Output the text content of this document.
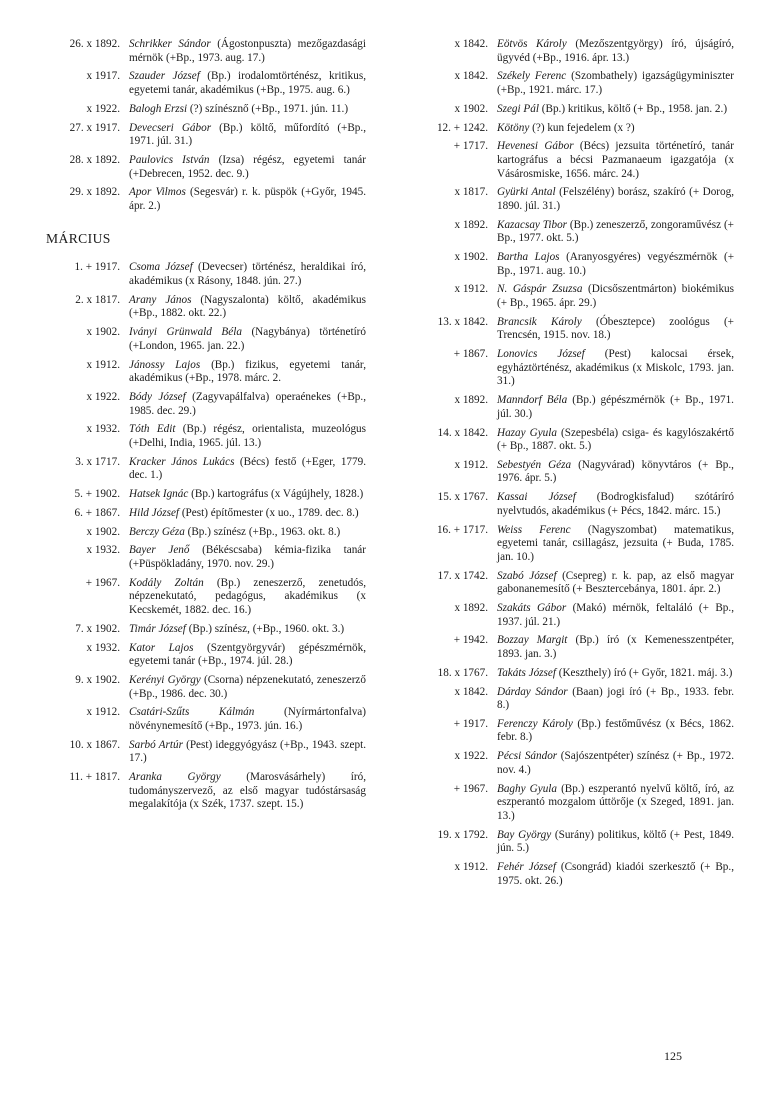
26. x 1892. Schrikker Sándor (Ágostonpuszta) mezőgazdasági mérnök (+Bp., 1973. aug. 17.)
x 1917. Szauder József (Bp.) irodalomtörténész, kritikus, egyetemi tanár, akadémikus (+Bp., 1975. aug. 6.)
x 1922. Balogh Erzsi (?) színésznő (+Bp., 1971. jún. 11.)
27. x 1917. Devecseri Gábor (Bp.) költő, műfordító (+Bp., 1971. júl. 31.)
28. x 1892. Paulovics István (Izsa) régész, egyetemi tanár (+Debrecen, 1952. dec. 9.)
29. x 1892. Apor Vilmos (Segesvár) r. k. püspök (+Győr, 1945. ápr. 2.)
MÁRCIUS
1. + 1917. Csoma József (Devecser) történész, heraldikai író, akadémikus (x Rásony, 1848. jún. 27.)
2. x 1817. Arany János (Nagyszalonta) költő, akadémikus (+Bp., 1882. okt. 22.)
x 1902. Iványi Grünwald Béla (Nagybánya) történetíró (+London, 1965. jan. 22.)
x 1912. Jánossy Lajos (Bp.) fizikus, egyetemi tanár, akadémikus (+Bp., 1978. márc. 2.
x 1922. Bódy József (Zagyvapálfalva) operaénekes (+Bp., 1985. dec. 29.)
x 1932. Tóth Edit (Bp.) régész, orientalista, muzeológus (+Delhi, India, 1965. júl. 13.)
3. x 1717. Kracker János Lukács (Bécs) festő (+Eger, 1779. dec. 1.)
5. + 1902. Hatsek Ignác (Bp.) kartográfus (x Vágújhely, 1828.)
6. + 1867. Hild József (Pest) építőmester (x uo., 1789. dec. 8.)
x 1902. Berczy Géza (Bp.) színész (+Bp., 1963. okt. 8.)
x 1932. Bayer Jenő (Békéscsaba) kémia-fizika tanár (+Püspökladány, 1970. nov. 29.)
+ 1967. Kodály Zoltán (Bp.) zeneszerző, zenetudós, népzenekutató, pedagógus, akadémikus (x Kecskemét, 1882. dec. 16.)
7. x 1902. Timár József (Bp.) színész, (+Bp., 1960. okt. 3.)
x 1932. Kator Lajos (Szentgyörgyvár) gépészmérnök, egyetemi tanár (+Bp., 1974. júl. 28.)
9. x 1902. Kerényi György (Csorna) népzenekutató, zeneszerző (+Bp., 1986. dec. 30.)
x 1912. Csatári-Szűts Kálmán (Nyírmártonfalva) növénynemesítő (+Bp., 1973. jún. 16.)
10. x 1867. Sarbó Artúr (Pest) ideggyógyász (+Bp., 1943. szept. 17.)
11. + 1817. Aranka György (Marosvásárhely) író, tudományszervező, az első magyar tudóstársaság megalakítója (x Szék, 1737. szept. 15.)
x 1842. Eötvös Károly (Mezőszentgyörgy) író, újságíró, ügyvéd (+Bp., 1916. ápr. 13.)
x 1842. Székely Ferenc (Szombathely) igazságügyminiszter (+Bp., 1921. márc. 17.)
x 1902. Szegi Pál (Bp.) kritikus, költő (+ Bp., 1958. jan. 2.)
12. + 1242. Kötöny (?) kun fejedelem (x ?)
+ 1717. Hevenesi Gábor (Bécs) jezsuita történetíró, tanár kartográfus a bécsi Pazmanaeum igazgatója (x Vásárosmiske, 1656. márc. 24.)
x 1817. Gyürki Antal (Felszélény) borász, szakíró (+ Dorog, 1890. júl. 31.)
x 1892. Kazacsay Tibor (Bp.) zeneszerző, zongoraművész (+ Bp., 1977. okt. 5.)
x 1902. Bartha Lajos (Aranyosgyéres) vegyészmérnök (+ Bp., 1971. aug. 10.)
x 1912. N. Gáspár Zsuzsa (Dicsőszentmárton) biokémikus (+ Bp., 1965. ápr. 29.)
13. x 1842. Brancsik Károly (Óbesztерce) zoológus (+ Trencsén, 1915. nov. 18.)
+ 1867. Lonovics József (Pest) kalocsai érsek, egyháztörténész, akadémikus (x Miskolc, 1793. jan. 31.)
x 1892. Manndorf Béla (Bp.) gépészmérnök (+ Bp., 1971. júl. 30.)
14. x 1842. Hazay Gyula (Szepesbéla) csiga- és kagylószakértő (+ Bp., 1887. okt. 5.)
x 1912. Sebestyén Géza (Nagyvárad) könyvtáros (+ Bp., 1976. ápr. 5.)
15. x 1767. Kassai József (Bodrogkisfalud) szótáríró nyelvtudós, akadémikus (+ Pécs, 1842. márc. 15.)
16. + 1717. Weiss Ferenc (Nagyszombat) matematikus, egyetemi tanár, csillagász, jezsuita (+ Buda, 1785. jan. 10.)
17. x 1742. Szabó József (Csepreg) r. k. pap, az első magyar gabonanemesítő (+ Besztercebánya, 1801. ápr. 2.)
x 1892. Szakáts Gábor (Makó) mérnök, feltaláló (+ Bp., 1937. júl. 21.)
+ 1942. Bozzay Margit (Bp.) író (x Kemenesszentpéter, 1893. jan. 3.)
18. x 1767. Takáts József (Keszthely) író (+ Győr, 1821. máj. 3.)
x 1842. Dárday Sándor (Baan) jogi író (+ Bp., 1933. febr. 8.)
+ 1917. Ferenczy Károly (Bp.) festőművész (x Bécs, 1862. febr. 8.)
x 1922. Pécsi Sándor (Sajószentpéter) színész (+ Bp., 1972. nov. 4.)
+ 1967. Baghy Gyula (Bp.) eszperantó nyelvű költő, író, az eszperantó mozgalom úttörője (x Szeged, 1891. jan. 13.)
19. x 1792. Bay György (Surány) politikus, költő (+ Pest, 1849. jún. 5.)
x 1912. Fehér József (Csongrád) kiadói szerkesztő (+ Bp., 1975. okt. 26.)
125
